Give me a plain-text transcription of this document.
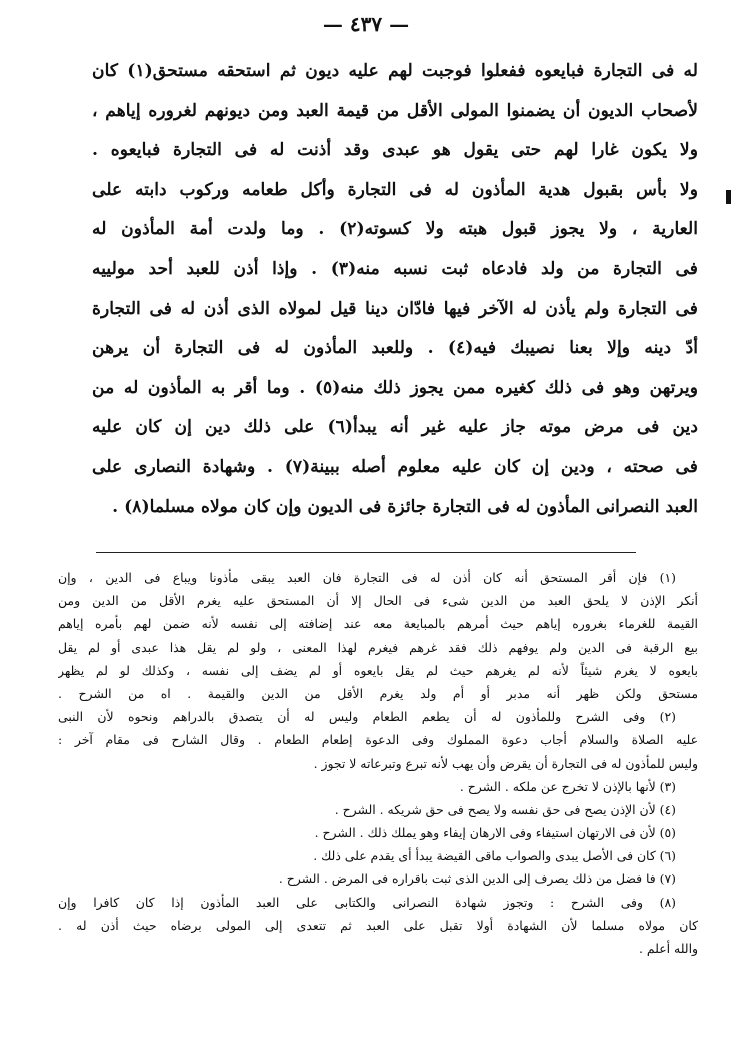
— ٤٣٧ —
له فى التجارة فبايعوه ففعلوا فوجبت لهم عليه ديون ثم استحقه مستحق(١) كان
لأصحاب الديون أن يضمنوا المولى الأقل من قيمة العبد ومن ديونهم لغروره إياهم ،
ولا يكون غارا لهم حتى يقول هو عبدى وقد أذنت له فى التجارة فبايعوه .
ولا بأس بقبول هدية المأذون له فى التجارة وأكل طعامه وركوب دابته على
العارية ، ولا يجوز قبول هبته ولا كسوته(٢) . وما ولدت أمة المأذون له
فى التجارة من ولد فادعاه ثبت نسبه منه(٣) . وإذا أذن للعبد أحد مولييه
فى التجارة ولم يأذن له الآخر فيها فادّان دينا قيل لمولاه الذى أذن له فى التجارة
أدّ دينه وإلا بعنا نصيبك فيه(٤) . وللعبد المأذون له فى التجارة أن يرهن
ويرتهن وهو فى ذلك كغيره ممن يجوز ذلك منه(٥) . وما أقر به المأذون له من
دين فى مرض موته جاز عليه غير أنه يبدأ(٦) على ذلك دين إن كان عليه
فى صحته ، ودين إن كان عليه معلوم أصله ببينة(٧) . وشهادة النصارى على
العبد النصرانى المأذون له فى التجارة جائزة فى الديون وإن كان مولاه مسلما(٨) .
(١) فإن أقر المستحق أنه كان أذن له فى التجارة فان العبد يبقى مأذونا ويباع فى الدين ، وإن
أنكر الإذن لا يلحق العبد من الدين شىء فى الحال إلا أن المستحق عليه يغرم الأقل من الدين ومن
القيمة للغرماء بغروره إياهم حيث أمرهم بالمبايعة معه عند إضافته إلى نفسه لأنه ضمن لهم بأمره إياهم
بيع الرقبة فى الدين ولم يوفهم ذلك فقد غرهم فيغرم لهذا المعنى ، ولو لم يقل هذا عبدى أو لم يقل
بايعوه لا يغرم شيئاً لأنه لم يغرهم حيث لم يقل بايعوه أو لم يضف إلى نفسه ، وكذلك لو لم يظهر
مستحق ولكن ظهر أنه مدبر أو أم ولد يغرم الأقل من الدين والقيمة . اه من الشرح .
(٢) وفى الشرح وللمأذون له أن يطعم الطعام وليس له أن يتصدق بالدراهم ونحوه لأن النبى
عليه الصلاة والسلام أجاب دعوة المملوك وفى الدعوة إطعام الطعام . وقال الشارح فى مقام آخر :
وليس للمأذون له فى التجارة أن يقرض وأن يهب لأنه تبرع وتبرعاته لا تجوز .
(٣) لأنها بالإذن لا تخرج عن ملكه . الشرح .
(٤) لأن الإذن يصح فى حق نفسه ولا يصح فى حق شريكه . الشرح .
(٥) لأن فى الارتهان استيفاء وفى الارهان إيفاء وهو يملك ذلك . الشرح .
(٦) كان فى الأصل يبدى والصواب ماقى القيضة يبدأ أى يقدم على ذلك .
(٧) فا فضل من ذلك يصرف إلى الدين الذى ثبت باقراره فى المرض . الشرح .
(٨) وفى الشرح : وتجوز شهادة النصرانى والكتابى على العبد المأذون إذا كان كافرا وإن
كان مولاه مسلما لأن الشهادة أولا تقبل على العبد ثم تتعدى إلى المولى برضاه حيث أذن له .
والله أعلم .
